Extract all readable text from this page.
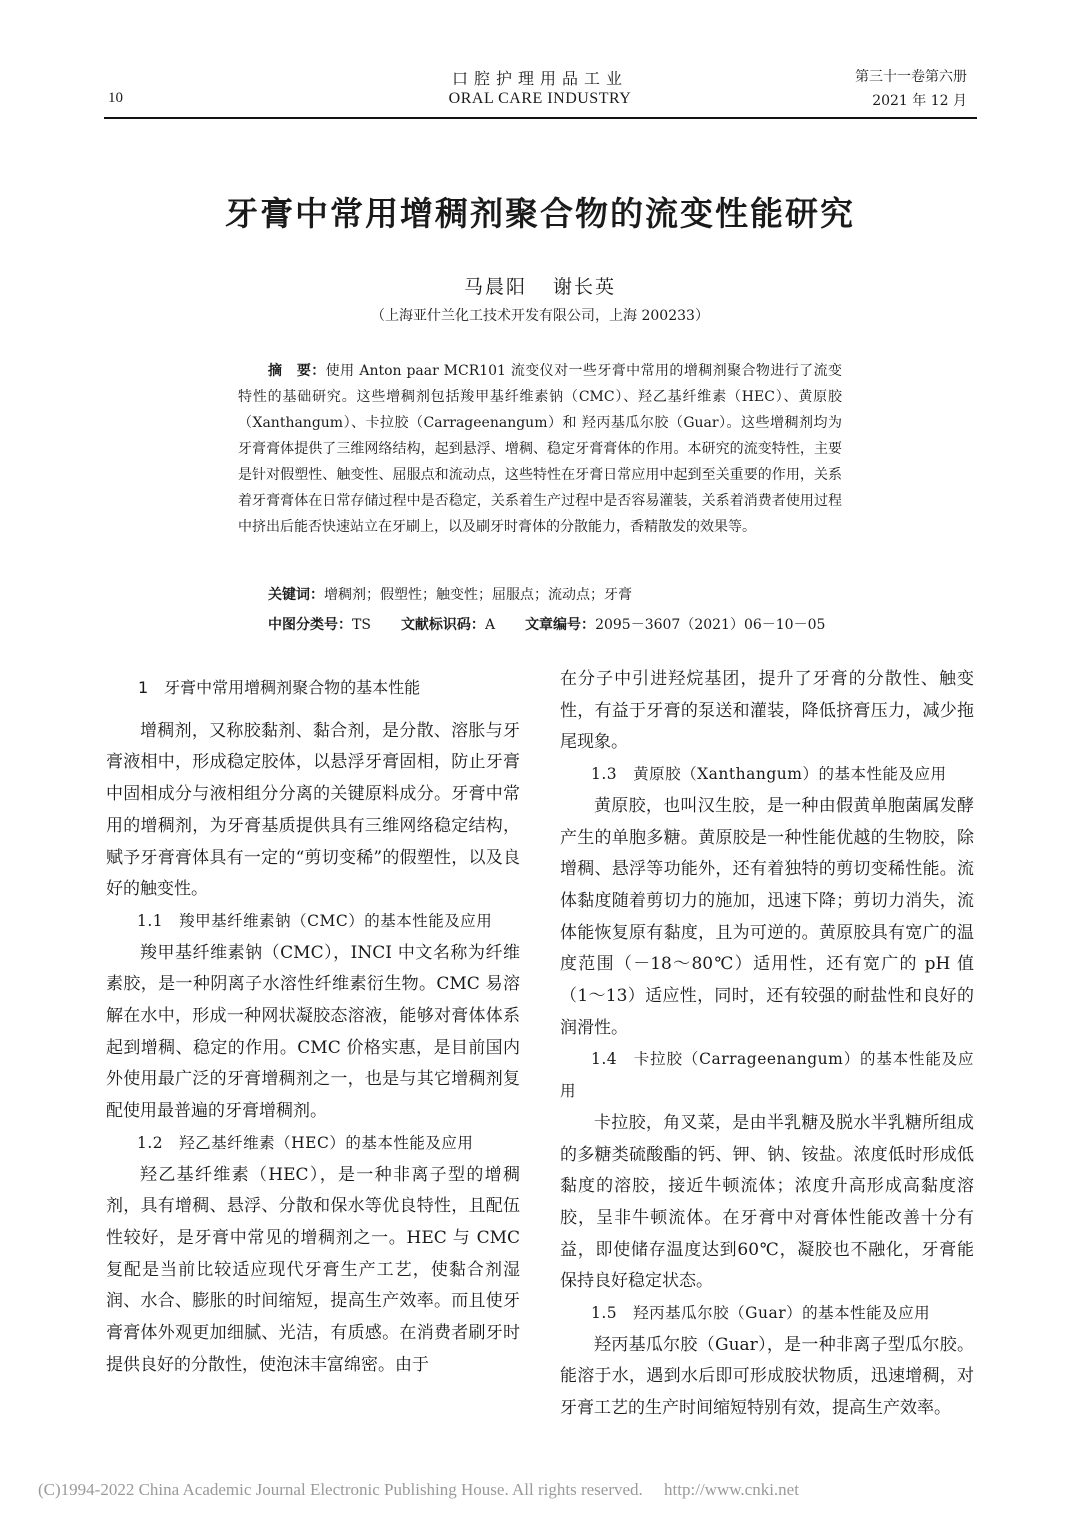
10
口腔护理用品工业
ORAL CARE INDUSTRY
第三十一卷第六册
2021 年 12 月
牙膏中常用增稠剂聚合物的流变性能研究
马晨阳 谢长英
（上海亚什兰化工技术开发有限公司，上海 200233）
摘　要：使用 Anton paar MCR101 流变仪对一些牙膏中常用的增稠剂聚合物进行了流变特性的基础研究。这些增稠剂包括羧甲基纤维素钠（CMC）、羟乙基纤维素（HEC）、黄原胶（Xanthangum）、卡拉胶（Carrageenangum）和 羟丙基瓜尔胶（Guar）。这些增稠剂均为牙膏膏体提供了三维网络结构，起到悬浮、增稠、稳定牙膏膏体的作用。本研究的流变特性，主要是针对假塑性、触变性、屈服点和流动点，这些特性在牙膏日常应用中起到至关重要的作用，关系着牙膏膏体在日常存储过程中是否稳定，关系着生产过程中是否容易灌装，关系着消费者使用过程中挤出后能否快速站立在牙刷上，以及刷牙时膏体的分散能力，香精散发的效果等。
关键词：增稠剂；假塑性；触变性；屈服点；流动点；牙膏
中图分类号：TS 文献标识码：A 文章编号：2095－3607（2021）06－10－05
1　牙膏中常用增稠剂聚合物的基本性能

增稠剂，又称胶黏剂、黏合剂，是分散、溶胀与牙膏液相中，形成稳定胶体，以悬浮牙膏固相，防止牙膏中固相成分与液相组分分离的关键原料成分。牙膏中常用的增稠剂，为牙膏基质提供具有三维网络稳定结构，赋予牙膏膏体具有一定的“剪切变稀”的假塑性，以及良好的触变性。

1.1　羧甲基纤维素钠（CMC）的基本性能及应用

羧甲基纤维素钠（CMC），INCI 中文名称为纤维素胶，是一种阴离子水溶性纤维素衍生物。CMC 易溶解在水中，形成一种网状凝胶态溶液，能够对膏体体系起到增稠、稳定的作用。CMC 价格实惠，是目前国内外使用最广泛的牙膏增稠剂之一，也是与其它增稠剂复配使用最普遍的牙膏增稠剂。

1.2　羟乙基纤维素（HEC）的基本性能及应用

羟乙基纤维素（HEC），是一种非离子型的增稠剂，具有增稠、悬浮、分散和保水等优良特性，且配伍性较好，是牙膏中常见的增稠剂之一。HEC 与 CMC 复配是当前比较适应现代牙膏生产工艺，使黏合剂湿润、水合、膨胀的时间缩短，提高生产效率。而且使牙膏膏体外观更加细腻、光洁，有质感。在消费者刷牙时提供良好的分散性，使泡沫丰富绵密。由于

在分子中引进羟烷基团，提升了牙膏的分散性、触变性，有益于牙膏的泵送和灌装，降低挤膏压力，减少拖尾现象。

1.3　黄原胶（Xanthangum）的基本性能及应用

黄原胶，也叫汉生胶，是一种由假黄单胞菌属发酵产生的单胞多糖。黄原胶是一种性能优越的生物胶，除增稠、悬浮等功能外，还有着独特的剪切变稀性能。流体黏度随着剪切力的施加，迅速下降；剪切力消失，流体能恢复原有黏度，且为可逆的。黄原胶具有宽广的温度范围（－18～80℃）适用性，还有宽广的 pH 值（1～13）适应性，同时，还有较强的耐盐性和良好的润滑性。

1.4　卡拉胶（Carrageenangum）的基本性能及应用

卡拉胶，角叉菜，是由半乳糖及脱水半乳糖所组成的多糖类硫酸酯的钙、钾、钠、铵盐。浓度低时形成低黏度的溶胶，接近牛顿流体；浓度升高形成高黏度溶胶，呈非牛顿流体。在牙膏中对膏体性能改善十分有益，即使储存温度达到60℃，凝胶也不融化，牙膏能保持良好稳定状态。

1.5　羟丙基瓜尔胶（Guar）的基本性能及应用

羟丙基瓜尔胶（Guar），是一种非离子型瓜尔胶。能溶于水，遇到水后即可形成胶状物质，迅速增稠，对牙膏工艺的生产时间缩短特别有效，提高生产效率。

(C)1994-2022 China Academic Journal Electronic Publishing House. All rights reserved.　 http://www.cnki.net
